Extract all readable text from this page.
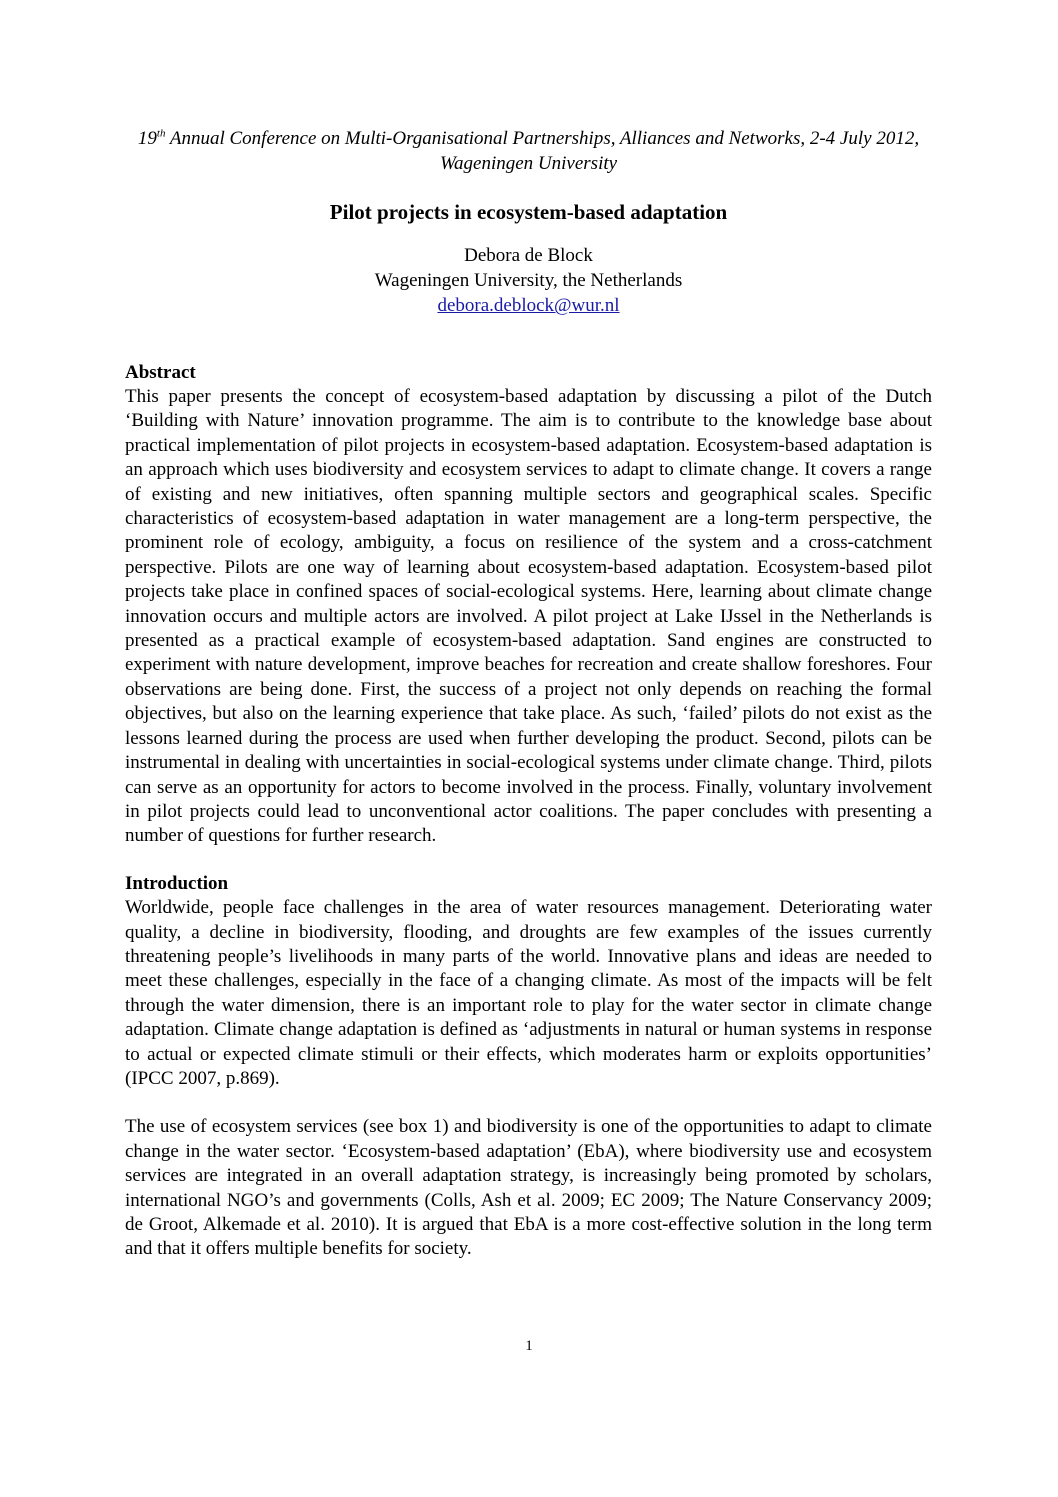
19th Annual Conference on Multi-Organisational Partnerships, Alliances and Networks, 2-4 July 2012, Wageningen University

Pilot projects in ecosystem-based adaptation
Debora de Block
Wageningen University, the Netherlands
debora.deblock@wur.nl
Abstract

This paper presents the concept of ecosystem-based adaptation by discussing a pilot of the Dutch ‘Building with Nature’ innovation programme. The aim is to contribute to the knowledge base about practical implementation of pilot projects in ecosystem-based adaptation. Ecosystem-based adaptation is an approach which uses biodiversity and ecosystem services to adapt to climate change. It covers a range of existing and new initiatives, often spanning multiple sectors and geographical scales. Specific characteristics of ecosystem-based adaptation in water management are a long-term perspective, the prominent role of ecology, ambiguity, a focus on resilience of the system and a cross-catchment perspective. Pilots are one way of learning about ecosystem-based adaptation. Ecosystem-based pilot projects take place in confined spaces of social-ecological systems. Here, learning about climate change innovation occurs and multiple actors are involved. A pilot project at Lake IJssel in the Netherlands is presented as a practical example of ecosystem-based adaptation. Sand engines are constructed to experiment with nature development, improve beaches for recreation and create shallow foreshores. Four observations are being done. First, the success of a project not only depends on reaching the formal objectives, but also on the learning experience that take place. As such, ‘failed’ pilots do not exist as the lessons learned during the process are used when further developing the product. Second, pilots can be instrumental in dealing with uncertainties in social-ecological systems under climate change. Third, pilots can serve as an opportunity for actors to become involved in the process. Finally, voluntary involvement in pilot projects could lead to unconventional actor coalitions. The paper concludes with presenting a number of questions for further research.

Introduction

Worldwide, people face challenges in the area of water resources management. Deteriorating water quality, a decline in biodiversity, flooding, and droughts are few examples of the issues currently threatening people’s livelihoods in many parts of the world. Innovative plans and ideas are needed to meet these challenges, especially in the face of a changing climate. As most of the impacts will be felt through the water dimension, there is an important role to play for the water sector in climate change adaptation. Climate change adaptation is defined as ‘adjustments in natural or human systems in response to actual or expected climate stimuli or their effects, which moderates harm or exploits opportunities’ (IPCC 2007, p.869).

The use of ecosystem services (see box 1) and biodiversity is one of the opportunities to adapt to climate change in the water sector. ‘Ecosystem-based adaptation’ (EbA), where biodiversity use and ecosystem services are integrated in an overall adaptation strategy, is increasingly being promoted by scholars, international NGO’s and governments (Colls, Ash et al. 2009; EC 2009; The Nature Conservancy 2009; de Groot, Alkemade et al. 2010). It is argued that EbA is a more cost-effective solution in the long term and that it offers multiple benefits for society.

1
